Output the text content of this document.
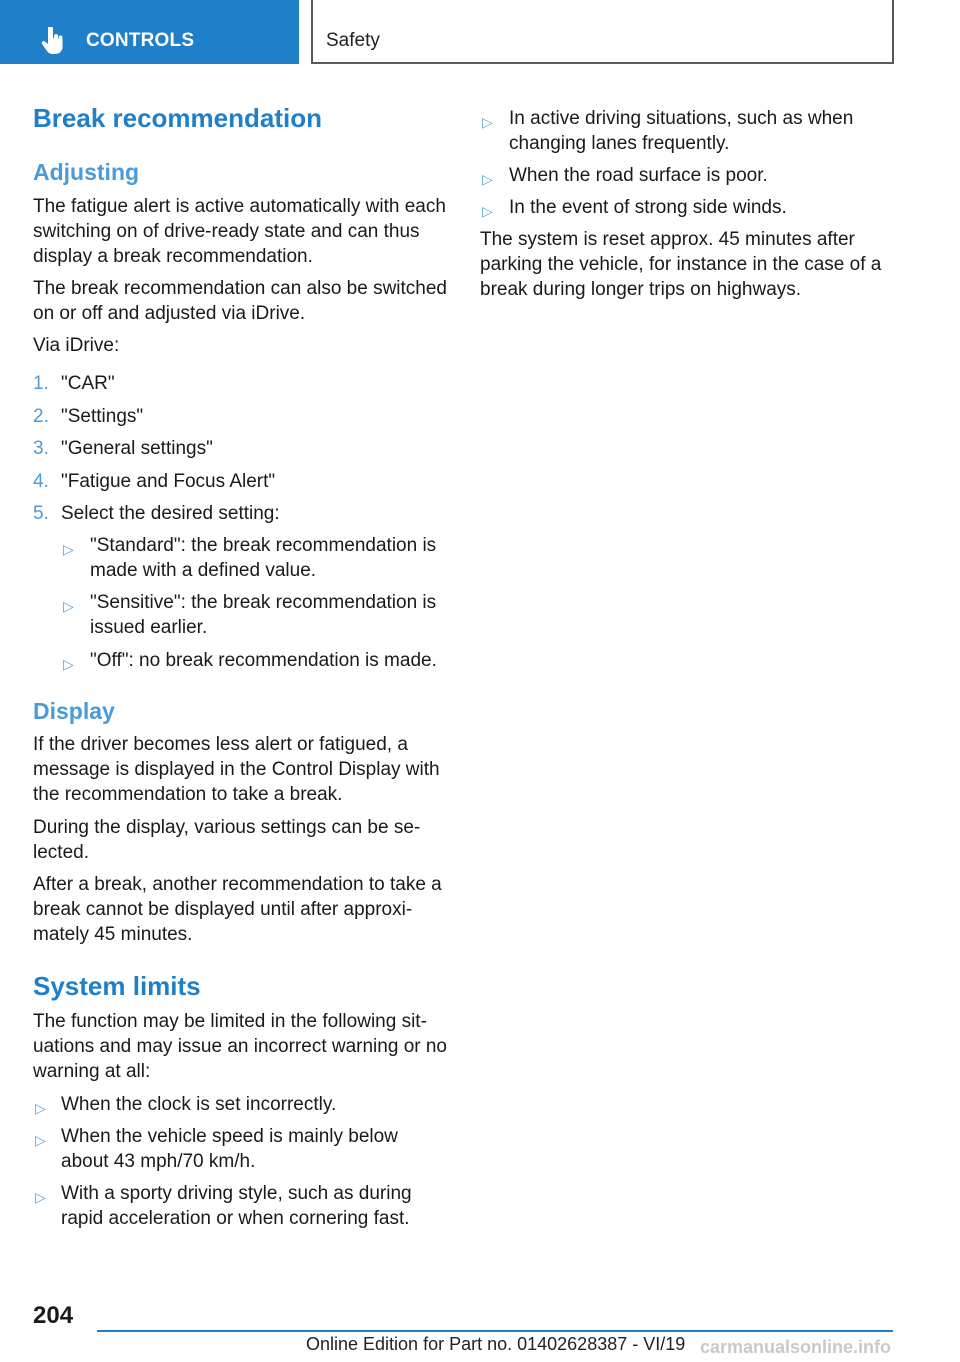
CONTROLS	Safety
Break recommendation
Adjusting

The fatigue alert is active automatically with each switching on of drive-ready state and can thus display a break recommendation.

The break recommendation can also be switched on or off and adjusted via iDrive.

Via iDrive:

1. "CAR"
2. "Settings"
3. "General settings"
4. "Fatigue and Focus Alert"
5. Select the desired setting:
▷ "Standard": the break recommendation is made with a defined value.
▷ "Sensitive": the break recommendation is issued earlier.
▷ "Off": no break recommendation is made.
Display

If the driver becomes less alert or fatigued, a message is displayed in the Control Display with the recommendation to take a break.

During the display, various settings can be selected.

After a break, another recommendation to take a break cannot be displayed until after approximately 45 minutes.

System limits

The function may be limited in the following situations and may issue an incorrect warning or no warning at all:

▷ When the clock is set incorrectly.
▷ When the vehicle speed is mainly below about 43 mph/70 km/h.
▷ With a sporty driving style, such as during rapid acceleration or when cornering fast.
▷ In active driving situations, such as when changing lanes frequently.
▷ When the road surface is poor.
▷ In the event of strong side winds.

The system is reset approx. 45 minutes after parking the vehicle, for instance in the case of a break during longer trips on highways.

204
Online Edition for Part no. 01402628387 - VI/19 carmanualsonline.info
